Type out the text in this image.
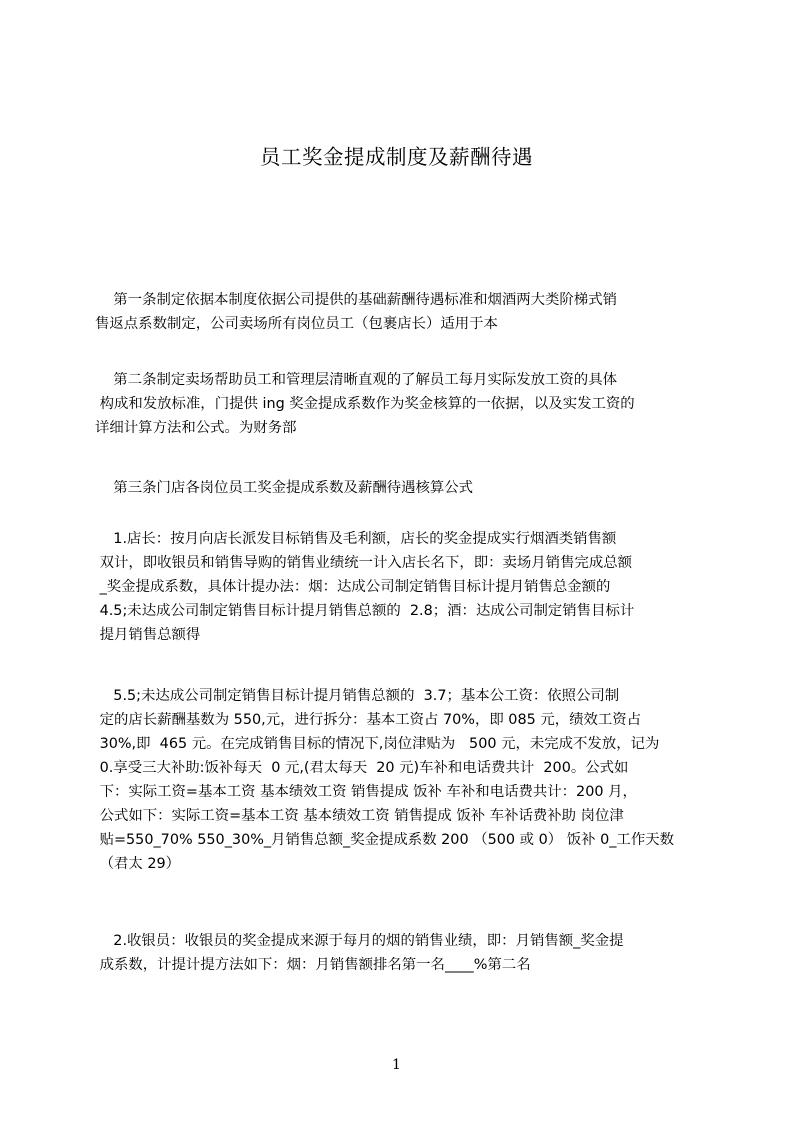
员工奖金提成制度及薪酬待遇
第一条制定依据本制度依据公司提供的基础薪酬待遇标准和烟酒两大类阶梯式销
售返点系数制定，公司卖场所有岗位员工（包裹店长）适用于本
第二条制定卖场帮助员工和管理层清晰直观的了解员工每月实际发放工资的具体
构成和发放标准，门提供 ing 奖金提成系数作为奖金核算的一依据，以及实发工资的
详细计算方法和公式。为财务部
第三条门店各岗位员工奖金提成系数及薪酬待遇核算公式
1.店长：按月向店长派发目标销售及毛利额，店长的奖金提成实行烟酒类销售额
双计，即收银员和销售导购的销售业绩统一计入店长名下，即：卖场月销售完成总额
_奖金提成系数，具体计提办法：烟：达成公司制定销售目标计提月销售总金额的
4.5;未达成公司制定销售目标计提月销售总额的  2.8；酒：达成公司制定销售目标计
提月销售总额得
5.5;未达成公司制定销售目标计提月销售总额的  3.7；基本公工资：依照公司制
定的店长薪酬基数为 550,元，进行拆分：基本工资占 70%，即 085 元，绩效工资占
30%,即  465 元。在完成销售目标的情况下,岗位津贴为   500 元，未完成不发放，记为
0.享受三大补助:饭补每天  0 元,(君太每天  20 元)车补和电话费共计  200。公式如
下：实际工资=基本工资 基本绩效工资 销售提成 饭补 车补和电话费共计：200 月，
公式如下：实际工资=基本工资 基本绩效工资 销售提成 饭补 车补话费补助 岗位津
贴=550_70% 550_30%_月销售总额_奖金提成系数 200 （500 或 0） 饭补 0_工作天数
（君太 29）
2.收银员：收银员的奖金提成来源于每月的烟的销售业绩，即：月销售额_奖金提
成系数，计提计提方法如下：烟：月销售额排名第一名____%第二名
1
